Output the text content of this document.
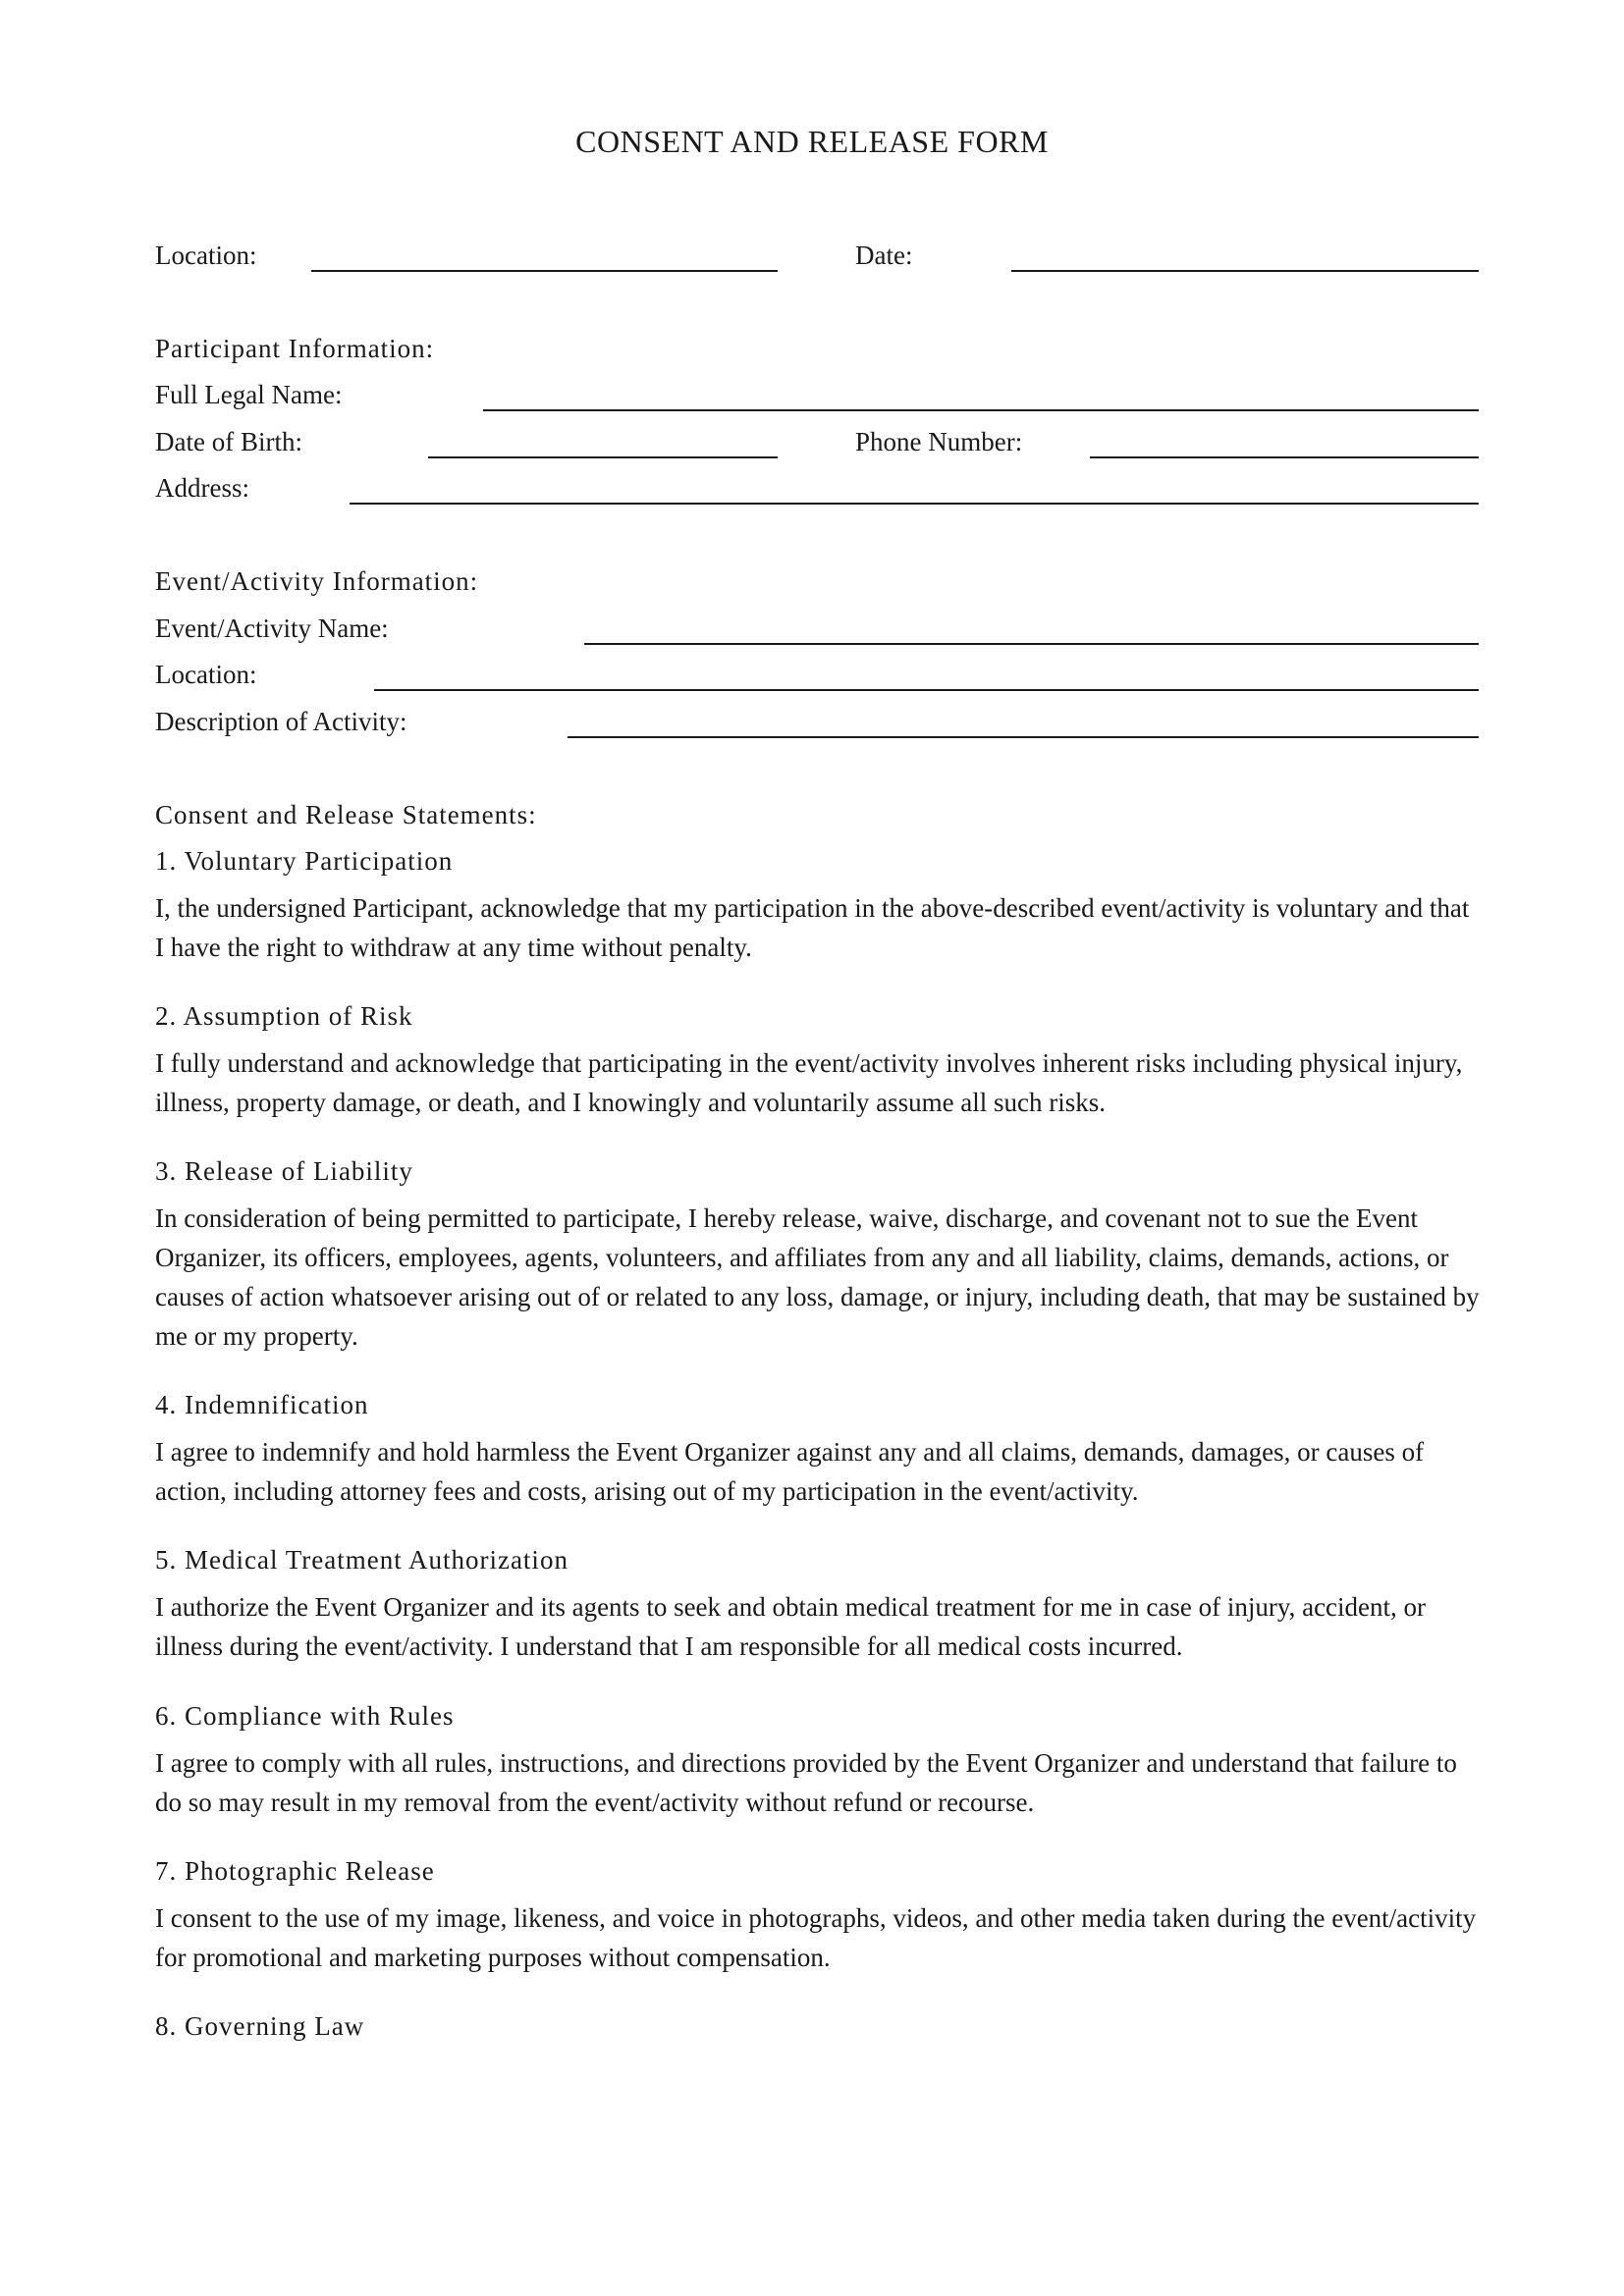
CONSENT AND RELEASE FORM
Location:	Date:
Participant Information:
Full Legal Name:
Date of Birth:	Phone Number:
Address:
Event/Activity Information:
Event/Activity Name:
Location:
Description of Activity:
Consent and Release Statements:
1. Voluntary Participation
I, the undersigned Participant, acknowledge that my participation in the above-described event/activity is voluntary and that I have the right to withdraw at any time without penalty.
2. Assumption of Risk
I fully understand and acknowledge that participating in the event/activity involves inherent risks including physical injury, illness, property damage, or death, and I knowingly and voluntarily assume all such risks.
3. Release of Liability
In consideration of being permitted to participate, I hereby release, waive, discharge, and covenant not to sue the Event Organizer, its officers, employees, agents, volunteers, and affiliates from any and all liability, claims, demands, actions, or causes of action whatsoever arising out of or related to any loss, damage, or injury, including death, that may be sustained by me or my property.
4. Indemnification
I agree to indemnify and hold harmless the Event Organizer against any and all claims, demands, damages, or causes of action, including attorney fees and costs, arising out of my participation in the event/activity.
5. Medical Treatment Authorization
I authorize the Event Organizer and its agents to seek and obtain medical treatment for me in case of injury, accident, or illness during the event/activity. I understand that I am responsible for all medical costs incurred.
6. Compliance with Rules
I agree to comply with all rules, instructions, and directions provided by the Event Organizer and understand that failure to do so may result in my removal from the event/activity without refund or recourse.
7. Photographic Release
I consent to the use of my image, likeness, and voice in photographs, videos, and other media taken during the event/activity for promotional and marketing purposes without compensation.
8. Governing Law
